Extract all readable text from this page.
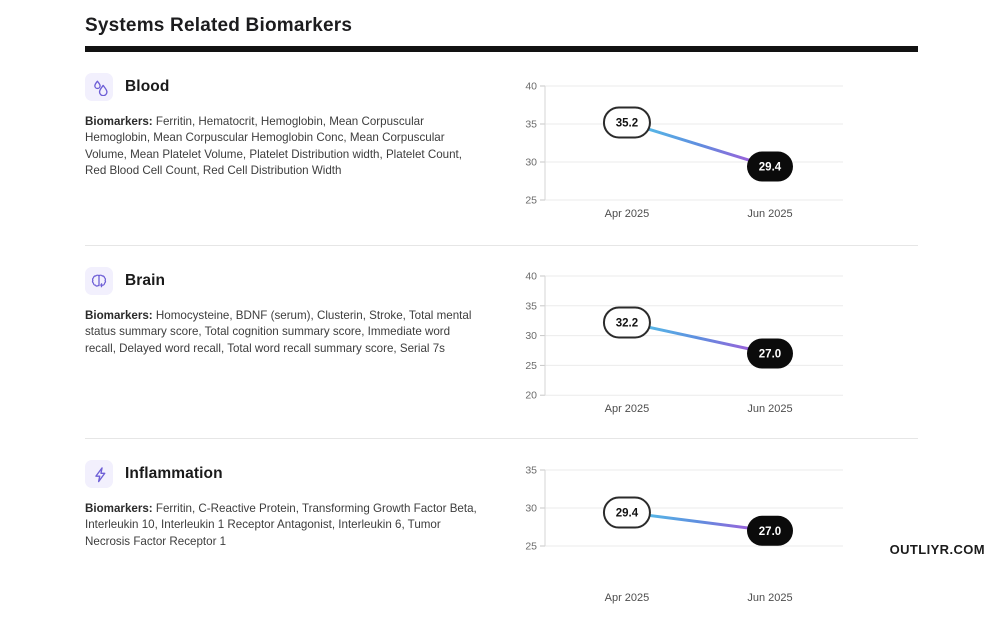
Systems Related Biomarkers
Blood

Biomarkers: Ferritin, Hematocrit, Hemoglobin, Mean Corpuscular Hemoglobin, Mean Corpuscular Hemoglobin Conc, Mean Corpuscular Volume, Mean Platelet Volume, Platelet Distribution width, Platelet Count, Red Blood Cell Count, Red Cell Distribution Width

40
35
30
25
Apr 2025	Jun 2025
35.2
29.4
Brain

Biomarkers: Homocysteine, BDNF (serum), Clusterin, Stroke, Total mental status summary score, Total cognition summary score, Immediate word recall, Delayed word recall, Total word recall summary score, Serial 7s

40
35
30
25
20
Apr 2025	Jun 2025
32.2
27.0
Inflammation

Biomarkers: Ferritin, C-Reactive Protein, Transforming Growth Factor Beta, Interleukin 10, Interleukin 1 Receptor Antagonist, Interleukin 6, Tumor Necrosis Factor Receptor 1

35
30
25
Apr 2025	Jun 2025
29.4
27.0
OUTLIYR.COM
